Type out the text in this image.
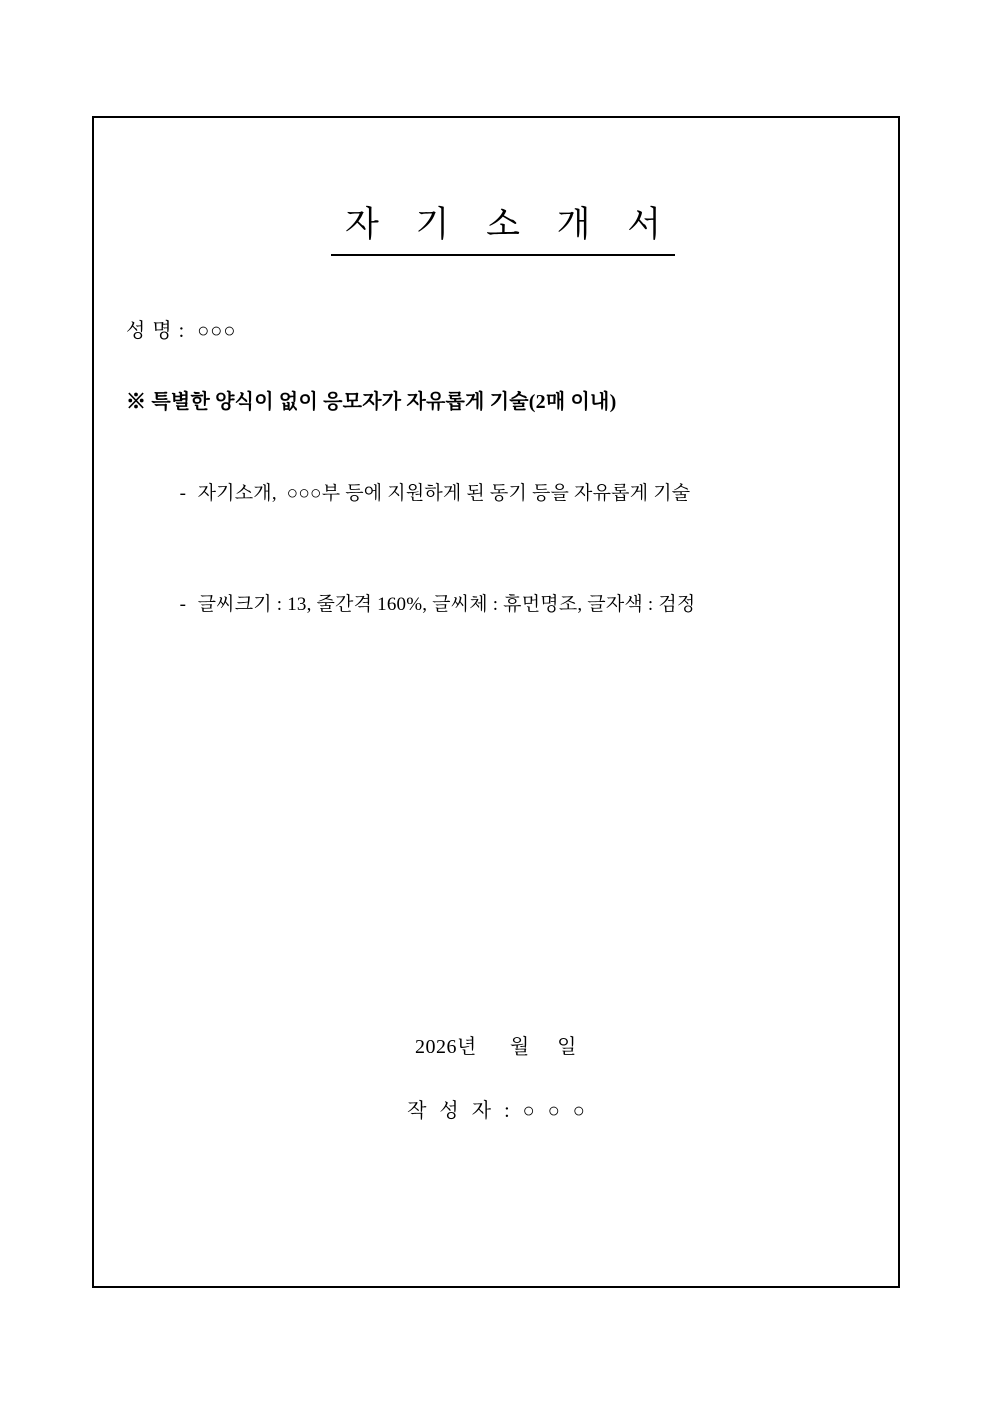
자 기 소 개 서

성 명 :  ○○○

※ 특별한 양식이 없이 응모자가 자유롭게 기술(2매 이내)

- 자기소개,  ○○○부 등에 지원하게 된 동기 등을 자유롭게 기술

- 글씨크기 : 13, 줄간격 160%, 글씨체 : 휴먼명조, 글자색 : 검정

2026년      월     일
작 성 자 : ○ ○ ○
